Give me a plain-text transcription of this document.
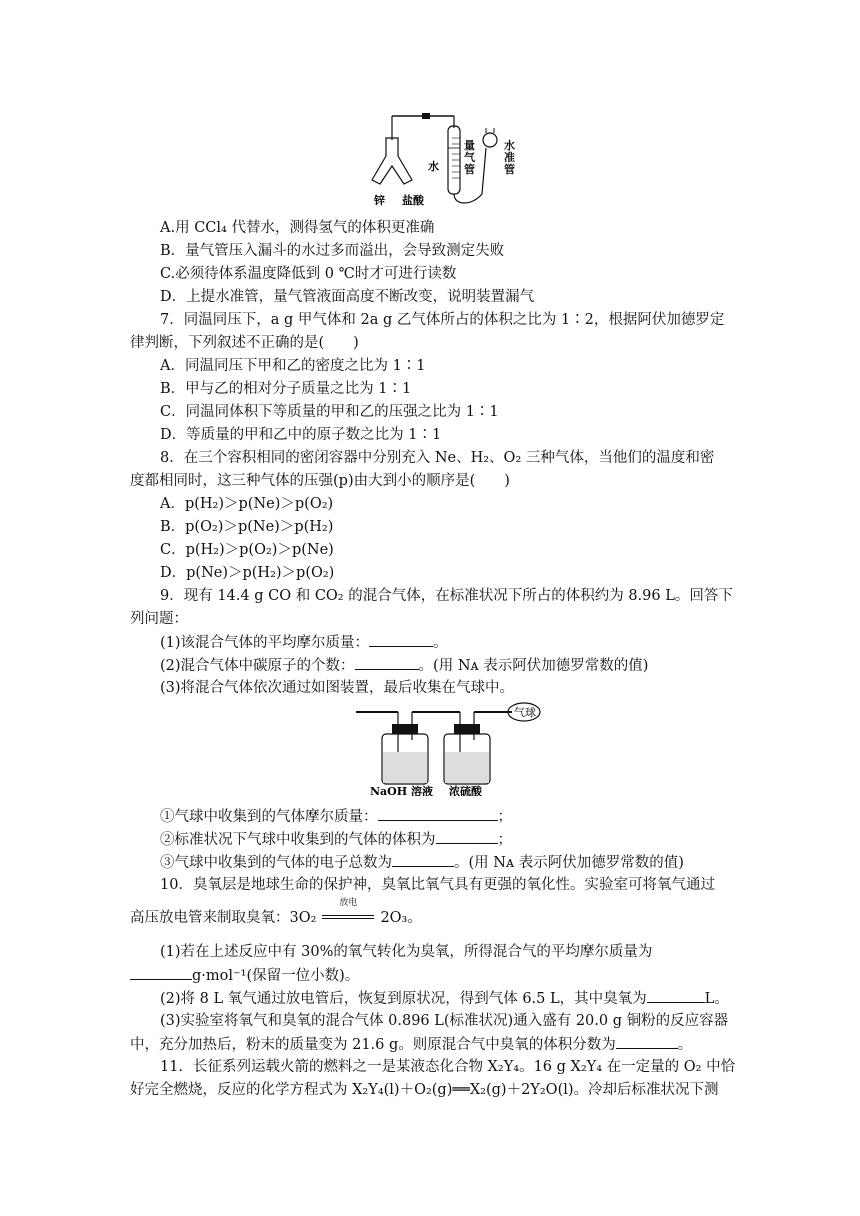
锌 盐酸
水
量气管
水准管
A.用 CCl₄ 代替水，测得氢气的体积更准确
B．量气管压入漏斗的水过多而溢出，会导致测定失败
C.必须待体系温度降低到 0 ℃时才可进行读数
D．上提水准管，量气管液面高度不断改变，说明装置漏气
7．同温同压下，a g 甲气体和 2a g 乙气体所占的体积之比为 1∶2，根据阿伏加德罗定
律判断，下列叙述不正确的是(　　)
A．同温同压下甲和乙的密度之比为 1∶1
B．甲与乙的相对分子质量之比为 1∶1
C．同温同体积下等质量的甲和乙的压强之比为 1∶1
D．等质量的甲和乙中的原子数之比为 1∶1
8．在三个容积相同的密闭容器中分别充入 Ne、H₂、O₂ 三种气体，当他们的温度和密
度都相同时，这三种气体的压强(p)由大到小的顺序是(　　)
A．p(H₂)＞p(Ne)＞p(O₂)
B．p(O₂)＞p(Ne)＞p(H₂)
C．p(H₂)＞p(O₂)＞p(Ne)
D．p(Ne)＞p(H₂)＞p(O₂)
9．现有 14.4 g CO 和 CO₂ 的混合气体，在标准状况下所占的体积约为 8.96 L。回答下
列问题：
(1)该混合气体的平均摩尔质量：	。
(2)混合气体中碳原子的个数：	。(用 Nᴀ 表示阿伏加德罗常数的值)
(3)将混合气体依次通过如图装置，最后收集在气球中。
气球
NaOH 溶液 浓硫酸
①气球中收集到的气体摩尔质量：	；
②标准状况下气球中收集到的气体的体积为	；
③气球中收集到的气体的电子总数为	。(用 Nᴀ 表示阿伏加德罗常数的值)
10．臭氧层是地球生命的保护神，臭氧比氧气具有更强的氧化性。实验室可将氧气通过
高压放电管来制取臭氧：3O₂
放电
2O₃。
(1)若在上述反应中有 30%的氧气转化为臭氧，所得混合气的平均摩尔质量为
g·mol⁻¹(保留一位小数)。
(2)将 8 L 氧气通过放电管后，恢复到原状况，得到气体 6.5 L，其中臭氧为	L。
(3)实验室将氧气和臭氧的混合气体 0.896 L(标准状况)通入盛有 20.0 g 铜粉的反应容器
中，充分加热后，粉末的质量变为 21.6 g。则原混合气中臭氧的体积分数为	。
11．长征系列运载火箭的燃料之一是某液态化合物 X₂Y₄。16 g X₂Y₄ 在一定量的 O₂ 中恰
好完全燃烧，反应的化学方程式为 X₂Y₄(l)＋O₂(g)══X₂(g)＋2Y₂O(l)。冷却后标准状况下测
